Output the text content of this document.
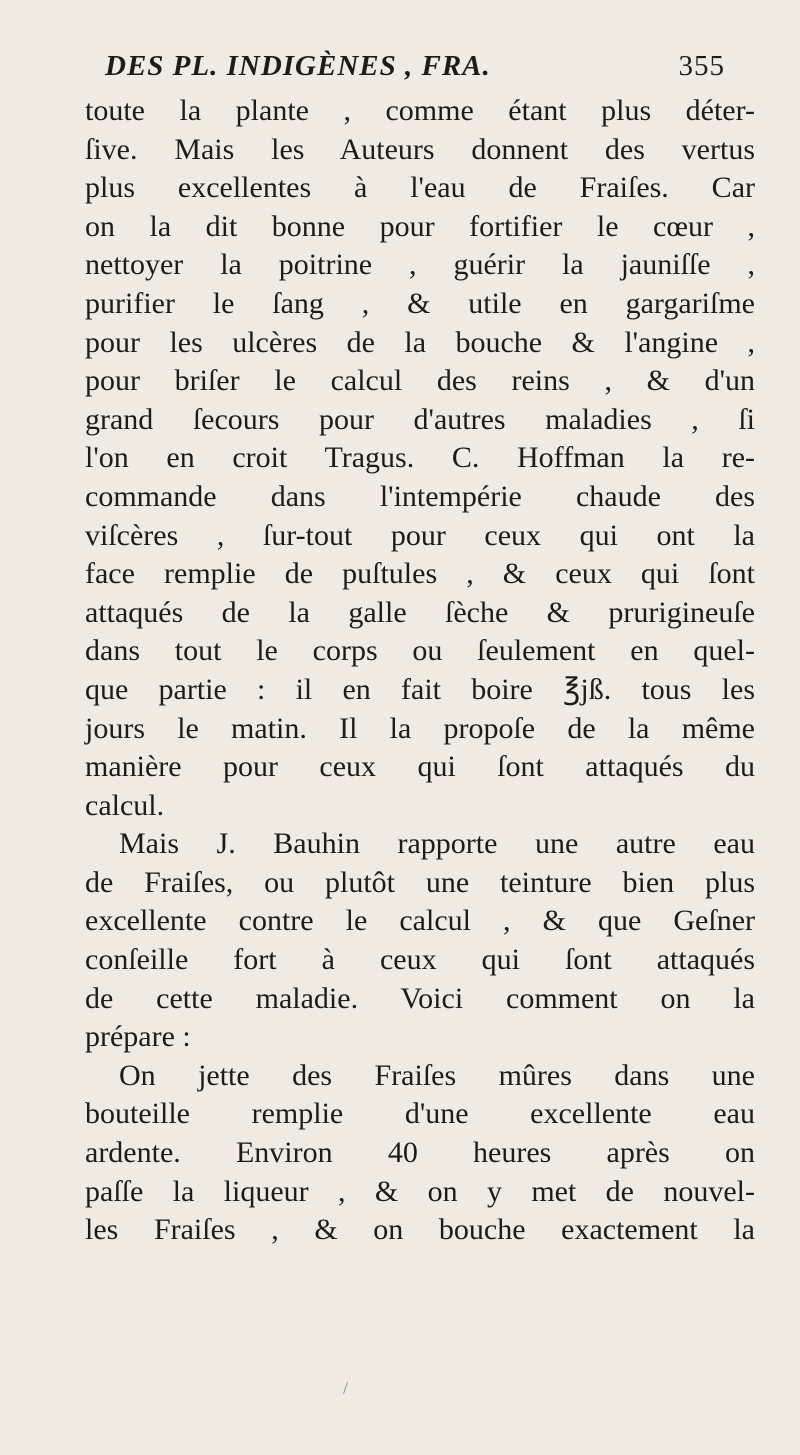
DES PL. INDIGÈNES , FRA.	355
toute la plante , comme étant plus déter-
ſive. Mais les Auteurs donnent des vertus
plus excellentes à l'eau de Fraiſes. Car
on la dit bonne pour fortifier le cœur ,
nettoyer la poitrine , guérir la jauniſſe ,
purifier le ſang , & utile en gargariſme
pour les ulcères de la bouche & l'angine ,
pour briſer le calcul des reins , & d'un
grand ſecours pour d'autres maladies , ſi
l'on en croit Tragus. C. Hoffman la re-
commande dans l'intempérie chaude des
viſcères , ſur-tout pour ceux qui ont la
face remplie de puſtules , & ceux qui ſont
attaqués de la galle ſèche & prurigineuſe
dans tout le corps ou ſeulement en quel-
que partie : il en fait boire ℥jß. tous les
jours le matin. Il la propoſe de la même
manière pour ceux qui ſont attaqués du
calcul.
Mais J. Bauhin rapporte une autre eau
de Fraiſes, ou plutôt une teinture bien plus
excellente contre le calcul , & que Geſner
conſeille fort à ceux qui ſont attaqués
de cette maladie. Voici comment on la
prépare :
On jette des Fraiſes mûres dans une
bouteille remplie d'une excellente eau
ardente. Environ 40 heures après on
paſſe la liqueur , & on y met de nouvel-
les Fraiſes , & on bouche exactement la
/
